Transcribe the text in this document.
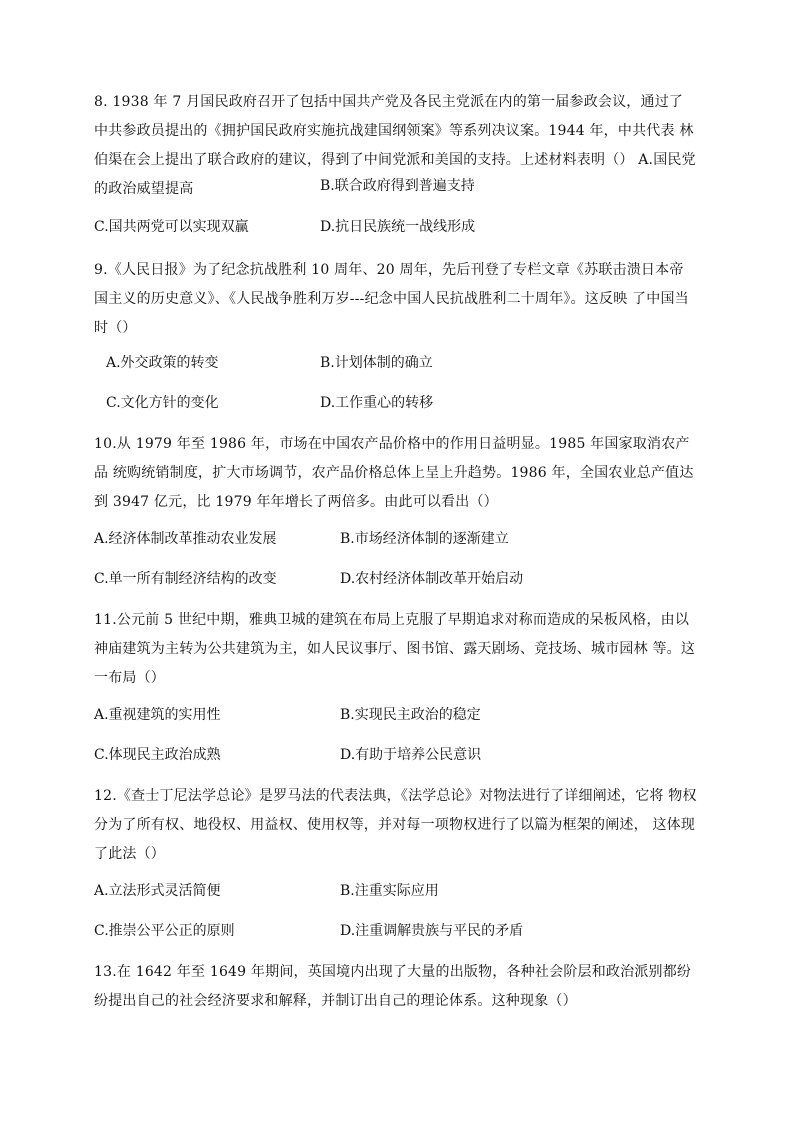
8. 1938 年 7 月国民政府召开了包括中国共产党及各民主党派在内的第一届参政会议，通过了 中共参政员提出的《拥护国民政府实施抗战建国纲领案》等系列决议案。1944 年，中共代表 林伯渠在会上提出了联合政府的建议，得到了中间党派和美国的支持。上述材料表明（） A.国民党的政治威望提高	B.联合政府得到普遍支持
C.国共两党可以实现双赢	D.抗日民族统一战线形成

9.《人民日报》为了纪念抗战胜利 10 周年、20 周年，先后刊登了专栏文章《苏联击溃日本帝 国主义的历史意义》、《人民战争胜利万岁---纪念中国人民抗战胜利二十周年》。这反映 了中国当时（）

A.外交政策的转变	B.计划体制的确立
C.文化方针的变化	D.工作重心的转移

10.从 1979 年至 1986 年，市场在中国农产品价格中的作用日益明显。1985 年国家取消农产品 统购统销制度，扩大市场调节，农产品价格总体上呈上升趋势。1986 年，全国农业总产值达 到 3947 亿元，比 1979 年年增长了两倍多。由此可以看出（）

A.经济体制改革推动农业发展	B.市场经济体制的逐渐建立
C.单一所有制经济结构的改变	D.农村经济体制改革开始启动

11.公元前 5 世纪中期，雅典卫城的建筑在布局上克服了早期追求对称而造成的呆板风格，由以神庙建筑为主转为公共建筑为主，如人民议事厅、图书馆、露天剧场、竞技场、城市园林 等。这一布局（）

A.重视建筑的实用性	B.实现民主政治的稳定
C.体现民主政治成熟	D.有助于培养公民意识

12.《查士丁尼法学总论》是罗马法的代表法典，《法学总论》对物法进行了详细阐述，它将 物权分为了所有权、地役权、用益权、使用权等，并对每一项物权进行了以篇为框架的阐述， 这体现了此法（）

A.立法形式灵活简便	B.注重实际应用
C.推崇公平公正的原则	D.注重调解贵族与平民的矛盾

13.在 1642 年至 1649 年期间，英国境内出现了大量的出版物，各种社会阶层和政治派别都纷 纷提出自己的社会经济要求和解释，并制订出自己的理论体系。这种现象（）
